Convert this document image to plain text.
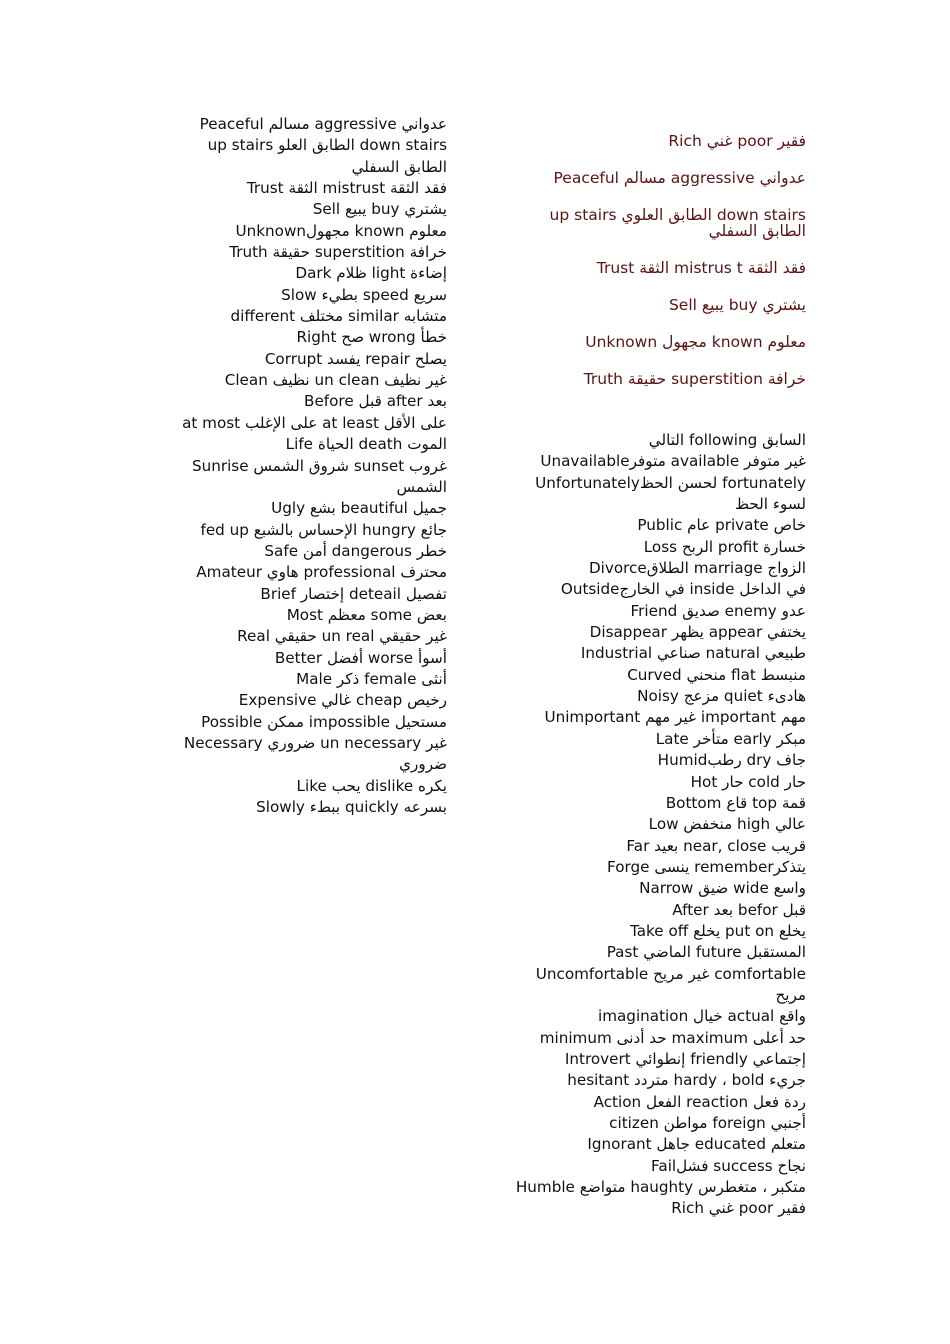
Rich غني poor فقير

Peaceful مسالم aggressive عدواني

up stairs الطابق العلوي down stairs الطابق السفلي

Trust الثقة mistrus t فقد الثقة

Sell يبيع buy يشتري

Unknown مجهول known معلوم

Truth حقيقة superstition خرافة

السابق following التالي

Unavailableمتوفر available غير متوفر

Unfortunatelyلحسن الحظ fortunately لسوء الحظ

Public عام private خاص

Loss الربح profit خسارة

Divorceالطلاق marriage الزواج

Outsideفي الخارج inside في الداخل

Friend صديق enemy عدو

Disappear يظهر appear يختفي

Industrial صناعي natural طبيعي

Curved منحني flat منبسط

Noisy مزعج quiet هادىء

Unimportant غير مهم important مهم

Late متأخر early مبكر

Humidرطب dry جاف

Hot حار cold حار

Bottom قاع top قمة

Low منخفض high عالي

Far بعيد near, close قريب

Forge ينسى rememberيتذكر

Narrow ضيق wide واسع

After بعد befor قبل

Take off يخلع put on يخلع

Past الماضي future المستقبل

Uncomfortable غير مريح comfortable مريح

imagination خيال actual واقع

minimum حد أدنى maximum حد أعلى

Introvert إنطوائي friendly إجتماعي

hesitant متردد hardy ، bold جريء

Action الفعل reaction ردة فعل

citizen مواطن foreign أجنبي

Ignorant جاهل educated متعلم

Failفشل success نجاح

Humble متواضع haughty متكبر ، متغطرس

Rich غني poor فقير

Peaceful مسالم aggressive عدواني

up stairs الطابق العلو down stairs الطابق السفلي

Trust الثقة mistrust فقد الثقة

Sell يبيع buy يشتري

Unknownمجهول known معلوم

Truth حقيقة superstition خرافة

Dark ظلام light إضاءة

Slow بطيء speed سريع

different مختلف similar متشابه

Right صح wrong خطأ

Corrupt يفسد repair يصلح

Clean نظيف un clean غير نظيف

Before قبل after بعد

at most على الإغلب at least على الأقل

Life الحياة death الموت

Sunrise شروق الشمس sunset غروب الشمس

Ugly بشع beautiful جميل

fed up الإحساس بالشبع hungry جائع

Safe أمن dangerous خطر

Amateur هاوي professional محترف

Brief إختصار deteail تفصيل

Most معظم some بعض

Real حقيقي un real غير حقيقي

Better أفضل worse أسوأ

Male ذكر female أنثى

Expensive غالي cheap رخيص

Possible ممكن impossible مستحيل

Necessary ضروري un necessary غير ضروري

Like يحب dislike يكره

Slowly ببطء quickly بسرعه
